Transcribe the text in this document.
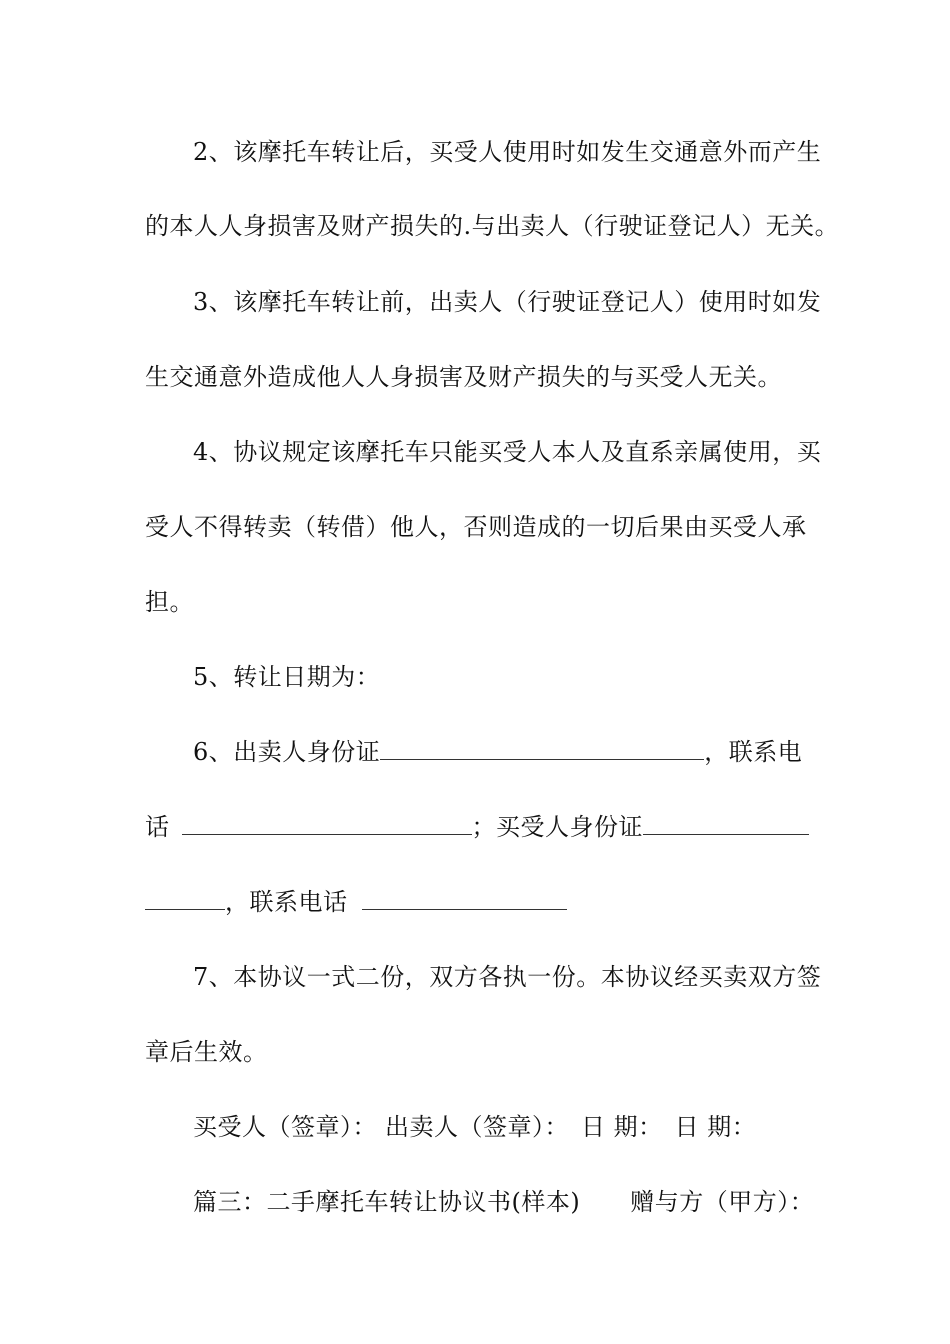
2、该摩托车转让后，买受人使用时如发生交通意外而产生
的本人人身损害及财产损失的.与出卖人（行驶证登记人）无关。
3、该摩托车转让前，出卖人（行驶证登记人）使用时如发
生交通意外造成他人人身损害及财产损失的与买受人无关。
4、协议规定该摩托车只能买受人本人及直系亲属使用，买
受人不得转卖（转借）他人，否则造成的一切后果由买受人承
担。
5、转让日期为：
6、出卖人身份证	，联系电
话	；买受人身份证
，联系电话
7、本协议一式二份，双方各执一份。本协议经买卖双方签
章后生效。
买受人（签章）： 出卖人（签章）： 日 期： 日 期：
篇三：二手摩托车转让协议书(样本) 赠与方（甲方）：
